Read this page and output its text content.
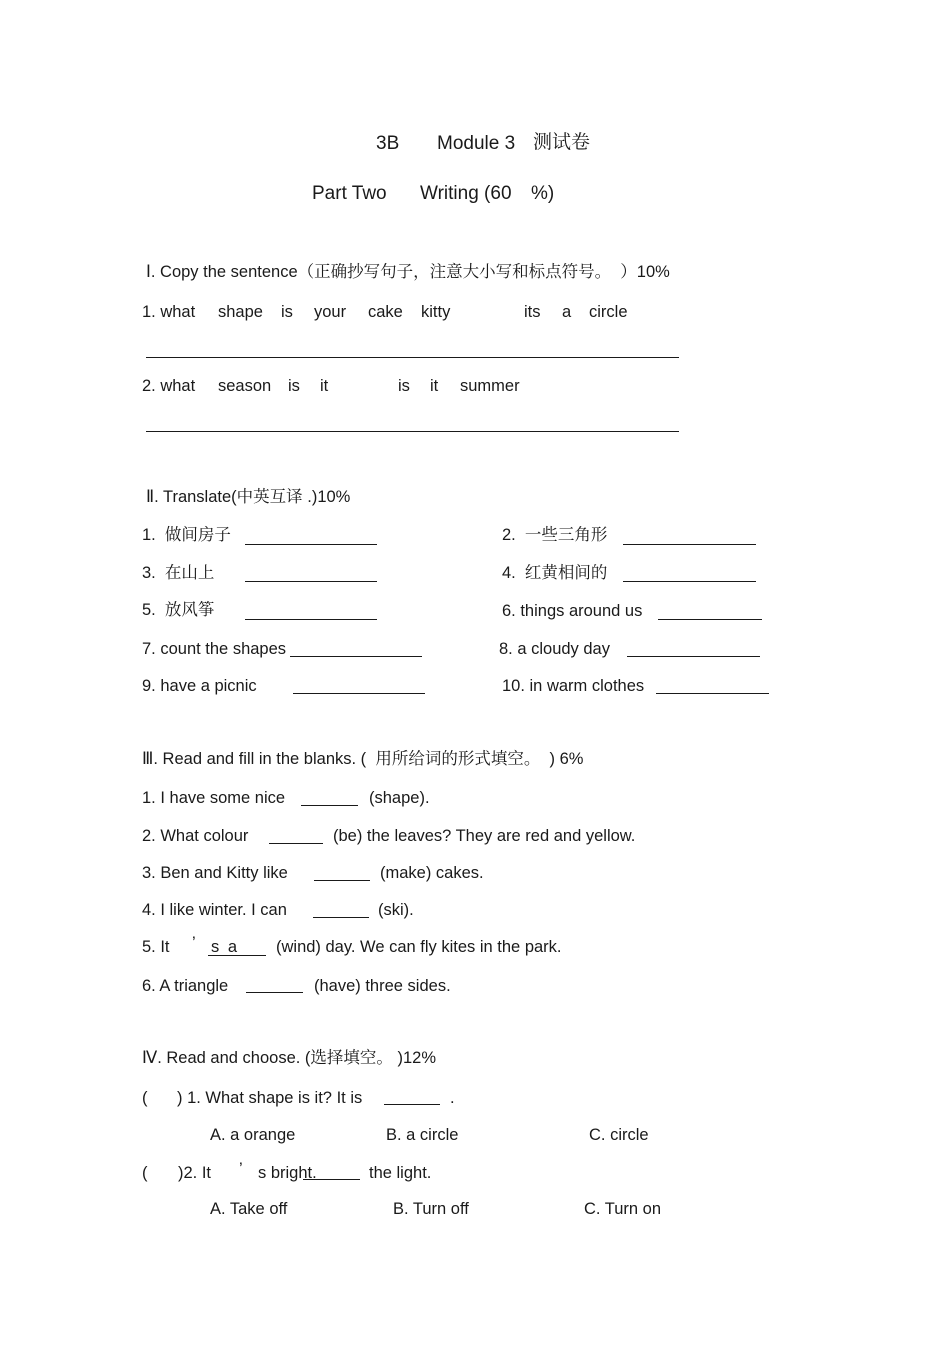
3B Module 3 测试卷
Part Two Writing (60 %)
Ⅰ. Copy the sentence（正确抄写句子，注意大小写和标点符号。  ）10%
1. what shape is your cake kitty	its a circle
2. what season is it	is it summer
Ⅱ. Translate(中英互译 .)10%
1.  做间房子	2.  一些三角形
3.  在山上	4.  红黄相间的
5.  放风筝	6. things around us
7. count the shapes	8. a cloudy day
9. have a picnic	10. in warm clothes
Ⅲ. Read and fill in the blanks. (  用所给词的形式填空。  ) 6%
1. I have some nice	(shape).
2. What colour	(be) the leaves? They are red and yellow.
3. Ben and Kitty like	(make) cakes.
4. I like winter. I can	(ski).
5. It ’ s a (wind) day. We can fly kites in the park.
6. A triangle	(have) three sides.
Ⅳ. Read and choose. (选择填空。 )12%
( ) 1. What shape is it? It is	.
A. a orange	B. a circle	C. circle
( )2. It ’ s bright.	the light.
A. Take off	B. Turn off	C. Turn on
